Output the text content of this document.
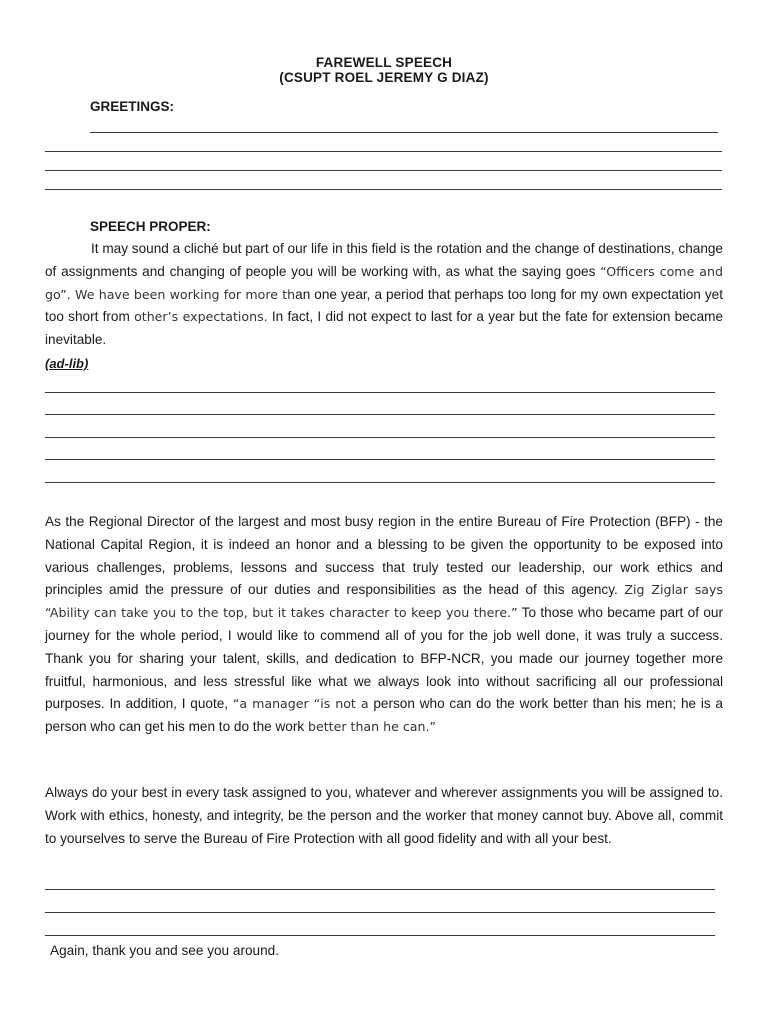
FAREWELL SPEECH
(CSUPT ROEL JEREMY G DIAZ)
GREETINGS:
SPEECH PROPER:
It may sound a cliché but part of our life in this field is the rotation and the change of destinations, change of assignments and changing of people you will be working with, as what the saying goes “Officers come and go”. We have been working for more than one year, a period that perhaps too long for my own expectation yet too short from other’s expectations. In fact, I did not expect to last for a year but the fate for extension became inevitable.
(ad-lib)
As the Regional Director of the largest and most busy region in the entire Bureau of Fire Protection (BFP) - the National Capital Region, it is indeed an honor and a blessing to be given the opportunity to be exposed into various challenges, problems, lessons and success that truly tested our leadership, our work ethics and principles amid the pressure of our duties and responsibilities as the head of this agency. Zig Ziglar says “Ability can take you to the top, but it takes character to keep you there.” To those who became part of our journey for the whole period, I would like to commend all of you for the job well done, it was truly a success. Thank you for sharing your talent, skills, and dedication to BFP-NCR, you made our journey together more fruitful, harmonious, and less stressful like what we always look into without sacrificing all our professional purposes. In addition, I quote, “a manager “is not a person who can do the work better than his men; he is a person who can get his men to do the work better than he can.”
Always do your best in every task assigned to you, whatever and wherever assignments you will be assigned to. Work with ethics, honesty, and integrity, be the person and the worker that money cannot buy. Above all, commit to yourselves to serve the Bureau of Fire Protection with all good fidelity and with all your best.
Again, thank you and see you around.
